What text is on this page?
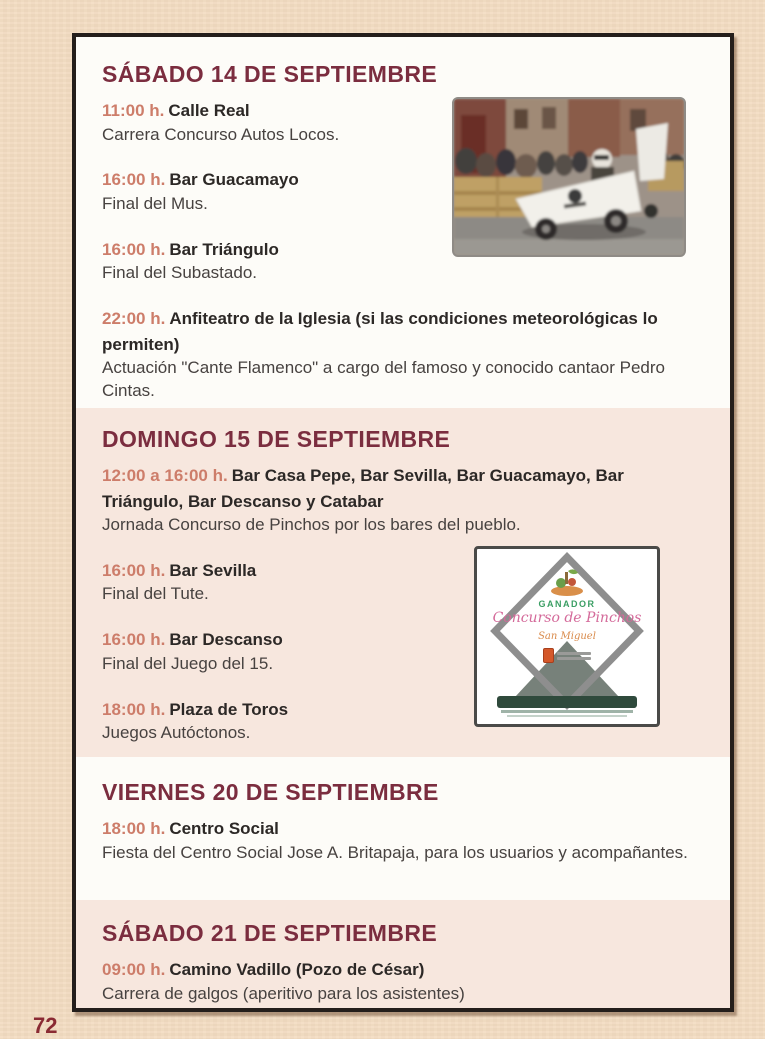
SÁBADO 14 DE SEPTIEMBRE

11:00 h. Calle Real

Carrera Concurso Autos Locos.

16:00 h. Bar Guacamayo

Final del Mus.

16:00 h. Bar Triángulo

Final del Subastado.

22:00 h. Anfiteatro de la Iglesia (si las condiciones meteorológicas lo permiten)

Actuación "Cante Flamenco" a cargo del famoso y conocido cantaor Pedro Cintas.

DOMINGO 15 DE SEPTIEMBRE

12:00 a 16:00 h. Bar Casa Pepe, Bar Sevilla, Bar Guacamayo, Bar Triángulo, Bar Descanso y Catabar

Jornada Concurso de Pinchos por los bares del pueblo.

16:00 h. Bar Sevilla

Final del Tute.

16:00 h. Bar Descanso

Final del Juego del 15.

18:00 h. Plaza de Toros

Juegos Autóctonos.

VIERNES 20 DE SEPTIEMBRE

18:00 h. Centro Social

Fiesta del Centro Social Jose A. Britapaja, para los usuarios y acompañantes.

SÁBADO 21 DE SEPTIEMBRE

09:00 h. Camino Vadillo (Pozo de César)

Carrera de galgos (aperitivo para los asistentes)

GANADOR
Concurso de Pinchos
San Miguel
72
